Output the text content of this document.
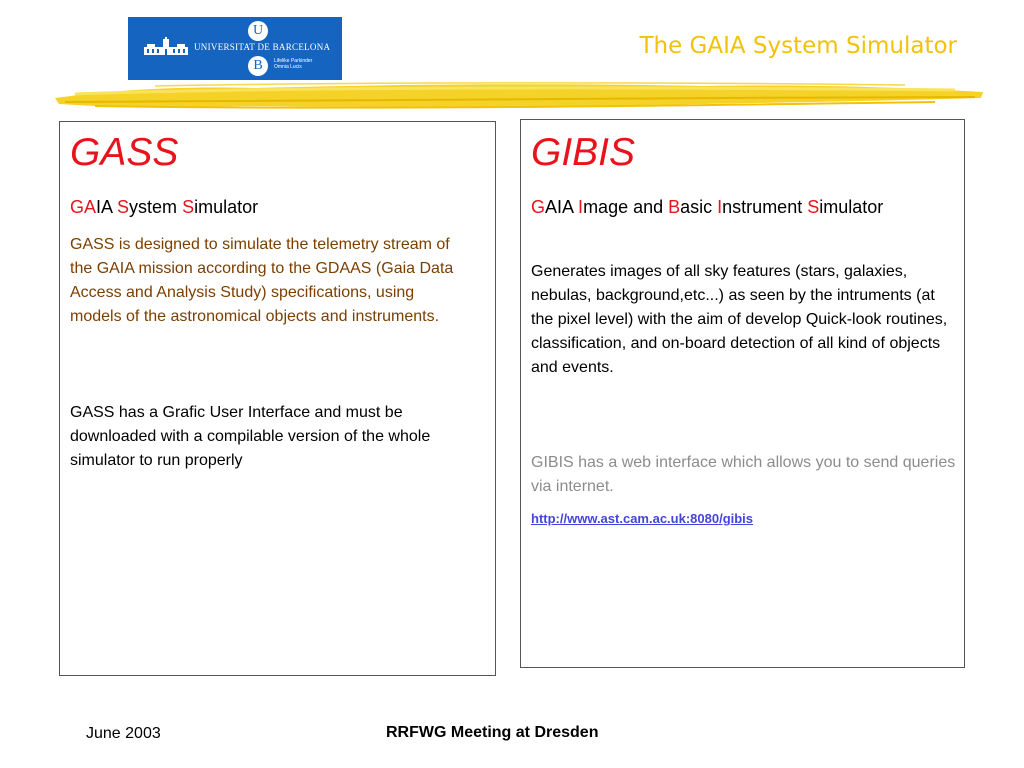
UNIVERSITAT DE BARCELONA
U
B	Lifelike Parkinder Omnia Lucis
The GAIA System Simulator
GASS
GAIA System Simulator
GASS is designed to simulate the telemetry stream of the GAIA mission according to the GDAAS (Gaia Data Access and Analysis Study) specifications, using models of the astronomical objects and instruments.
GASS has a Grafic User Interface and must be downloaded with a compilable version of the whole simulator to run properly
GIBIS
GAIA Image and Basic Instrument Simulator
Generates images of all sky features (stars, galaxies, nebulas, background,etc...) as seen by the intruments (at the pixel level) with the aim of develop Quick-look routines, classification, and on-board detection of all kind of objects and events.
GIBIS has a web interface which allows you to send queries via internet.
http://www.ast.cam.ac.uk:8080/gibis
June 2003	RRFWG Meeting at Dresden
